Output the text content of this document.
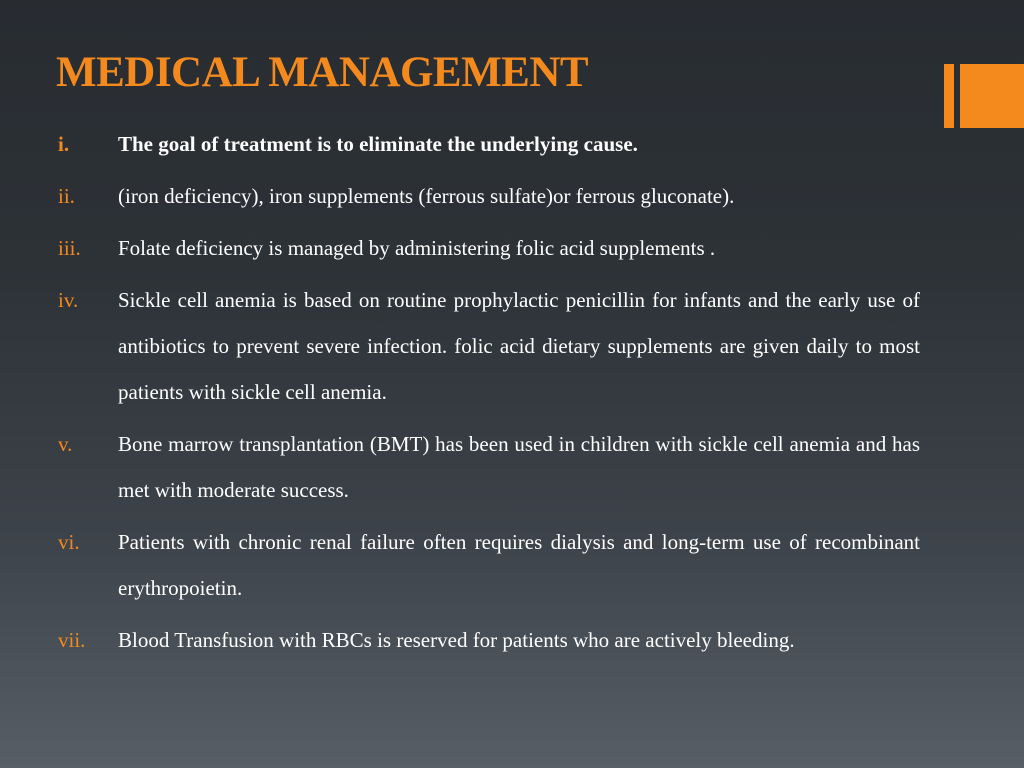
MEDICAL MANAGEMENT
i. The goal of treatment is to eliminate the underlying cause.
ii. (iron deficiency), iron supplements (ferrous sulfate)or ferrous gluconate).
iii. Folate deficiency is managed by administering folic acid supplements .
iv. Sickle cell anemia is based on routine prophylactic penicillin for infants and the early use of antibiotics to prevent severe infection. folic acid dietary supplements are given daily to most patients with sickle cell anemia.
v. Bone marrow transplantation (BMT) has been used in children with sickle cell anemia and has met with moderate success.
vi. Patients with chronic renal failure often requires dialysis and long-term use of recombinant erythropoietin.
vii. Blood Transfusion with RBCs is reserved for patients who are actively bleeding.
